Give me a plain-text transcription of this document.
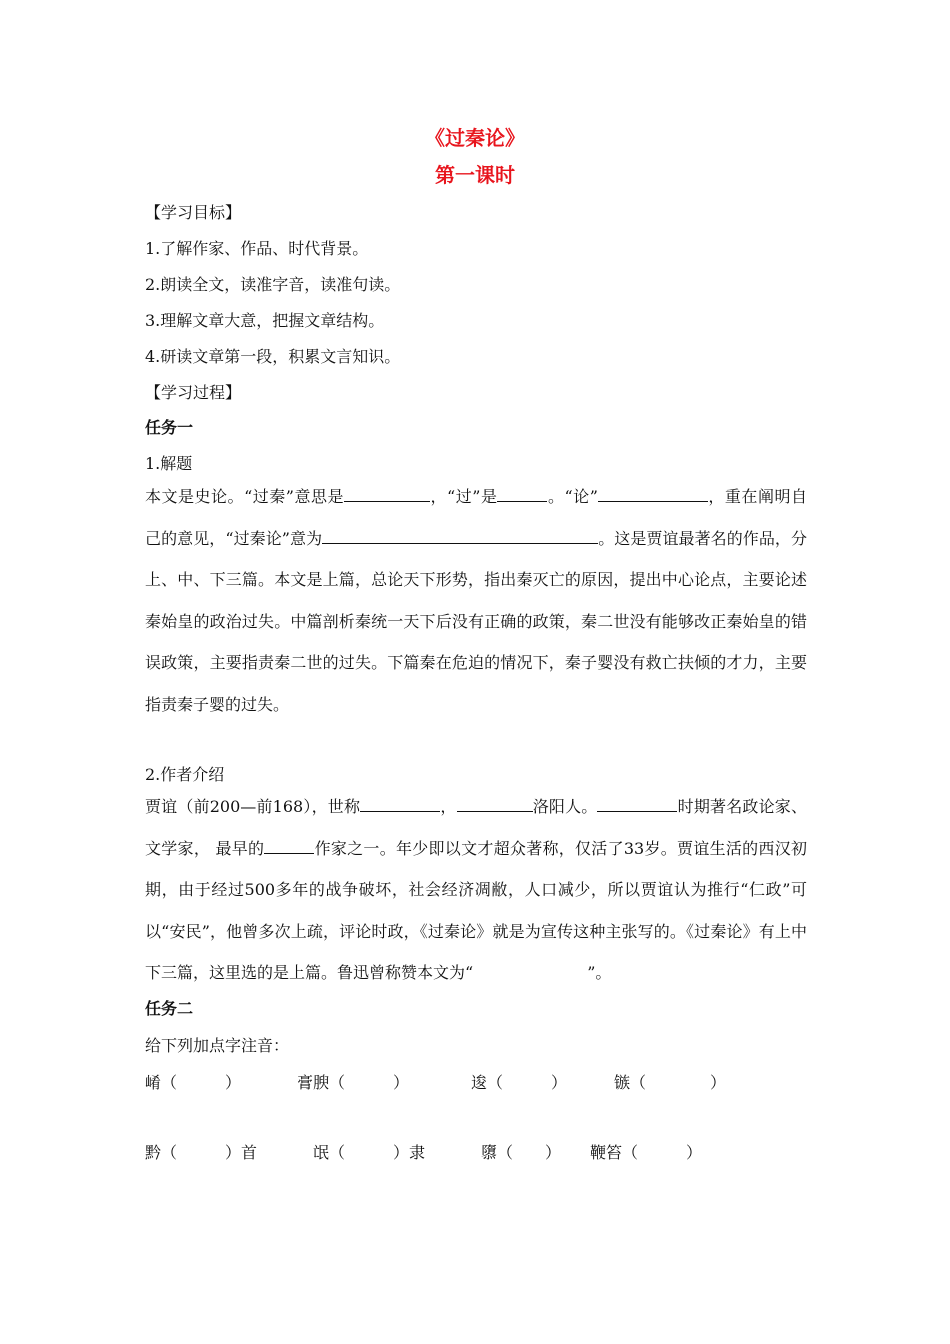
《过秦论》
第一课时
【学习目标】
1.了解作家、作品、时代背景。
2.朗读全文，读准字音，读准句读。
3.理解文章大意，把握文章结构。
4.研读文章第一段，积累文言知识。
【学习过程】
任务一
1.解题
本文是史论。“过秦”意思是	，“过”是	。“论”	，重在阐明自己的意见，“过秦论”意为	。这是贾谊最著名的作品，分上、中、下三篇。本文是上篇，总论天下形势，指出秦灭亡的原因，提出中心论点，主要论述秦始皇的政治过失。中篇剖析秦统一天下后没有正确的政策，秦二世没有能够改正秦始皇的错误政策，主要指责秦二世的过失。下篇秦在危迫的情况下，秦子婴没有救亡扶倾的才力，主要指责秦子婴的过失。
2.作者介绍
贾谊（前200—前168），世称	，	洛阳人。	时期著名政论家、文学家， 最早的	作家之一。年少即以文才超众著称，仅活了33岁。贾谊生活的西汉初期，由于经过500多年的战争破坏，社会经济凋敝，人口减少，所以贾谊认为推行“仁政”可以“安民”，他曾多次上疏，评论时政，《过秦论》就是为宣传这种主张写的。《过秦论》有上中下三篇，这里选的是上篇。鲁迅曾称赞本文为“	”。
任务二
给下列加点字注音：
崤（　　　）	膏腴（　　　）	逡（　　　）	镞（　　　　）
黔（　　　）首	氓（　　　）隶	隳（　　） 鞭笞（　　　）
